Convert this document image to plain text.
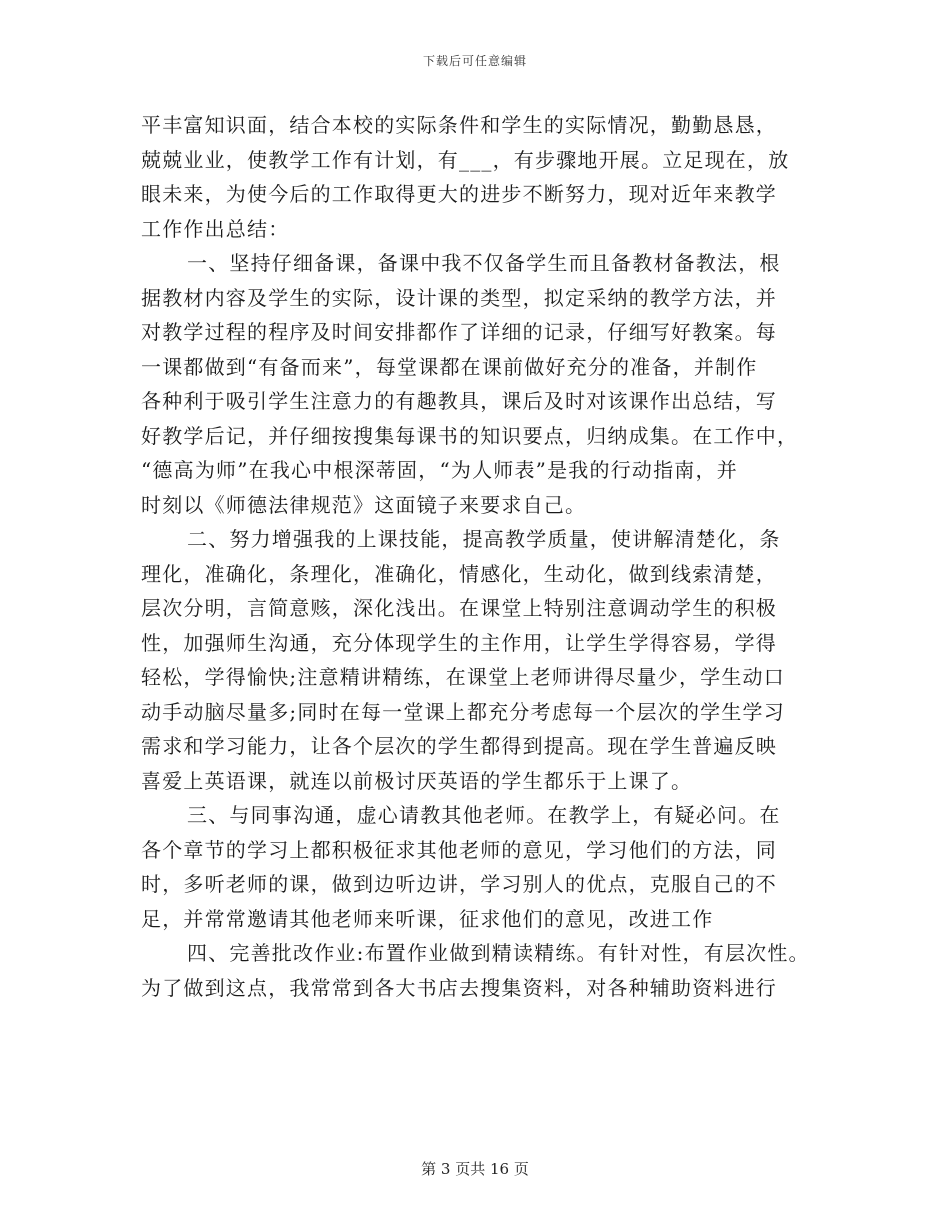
下载后可任意编辑
平丰富知识面，结合本校的实际条件和学生的实际情况，勤勤恳恳，
兢兢业业，使教学工作有计划，有___，有步骤地开展。立足现在，放
眼未来，为使今后的工作取得更大的进步不断努力，现对近年来教学
工作作出总结：
一、坚持仔细备课，备课中我不仅备学生而且备教材备教法，根
据教材内容及学生的实际，设计课的类型，拟定采纳的教学方法，并
对教学过程的程序及时间安排都作了详细的记录，仔细写好教案。每
一课都做到“有备而来”，每堂课都在课前做好充分的准备，并制作
各种利于吸引学生注意力的有趣教具，课后及时对该课作出总结，写
好教学后记，并仔细按搜集每课书的知识要点，归纳成集。在工作中，
“德高为师”在我心中根深蒂固，“为人师表”是我的行动指南，并
时刻以《师德法律规范》这面镜子来要求自己。
二、努力增强我的上课技能，提高教学质量，使讲解清楚化，条
理化，准确化，条理化，准确化，情感化，生动化，做到线索清楚，
层次分明，言简意赅，深化浅出。在课堂上特别注意调动学生的积极
性，加强师生沟通，充分体现学生的主作用，让学生学得容易，学得
轻松，学得愉快;注意精讲精练，在课堂上老师讲得尽量少，学生动口
动手动脑尽量多;同时在每一堂课上都充分考虑每一个层次的学生学习
需求和学习能力，让各个层次的学生都得到提高。现在学生普遍反映
喜爱上英语课，就连以前极讨厌英语的学生都乐于上课了。
三、与同事沟通，虚心请教其他老师。在教学上，有疑必问。在
各个章节的学习上都积极征求其他老师的意见，学习他们的方法，同
时，多听老师的课，做到边听边讲，学习别人的优点，克服自己的不
足，并常常邀请其他老师来听课，征求他们的意见，改进工作
四、完善批改作业:布置作业做到精读精练。有针对性，有层次性。
为了做到这点，我常常到各大书店去搜集资料，对各种辅助资料进行
第 3 页共 16 页
